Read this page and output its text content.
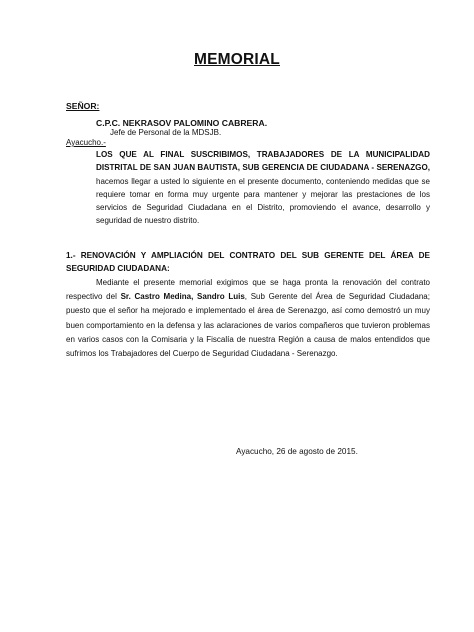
MEMORIAL
SEÑOR:
C.P.C. NEKRASOV PALOMINO CABRERA.
Jefe de Personal de la MDSJB.
Ayacucho.-
LOS QUE AL FINAL SUSCRIBIMOS, TRABAJADORES DE LA MUNICIPALIDAD DISTRITAL DE SAN JUAN BAUTISTA, SUB GERENCIA DE CIUDADANA - SERENAZGO, hacemos llegar a usted lo siguiente en el presente documento, conteniendo medidas que se requiere tomar en forma muy urgente para mantener y mejorar las prestaciones de los servicios de Seguridad Ciudadana en el Distrito, promoviendo el avance, desarrollo y seguridad de nuestro distrito.
1.- RENOVACIÓN Y AMPLIACIÓN DEL CONTRATO DEL SUB GERENTE DEL ÁREA DE SEGURIDAD CIUDADANA:
Mediante el presente memorial exigimos que se haga pronta la renovación del contrato respectivo del Sr. Castro Medina, Sandro Luis, Sub Gerente del Área de Seguridad Ciudadana; puesto que el señor ha mejorado e implementado el área de Serenazgo, así como demostró un muy buen comportamiento en la defensa y las aclaraciones de varios compañeros que tuvieron problemas en varios casos con la Comisaria y la Fiscalía de nuestra Región a causa de malos entendidos que sufrimos los Trabajadores del Cuerpo de Seguridad Ciudadana - Serenazgo.
Ayacucho, 26 de agosto de 2015.
